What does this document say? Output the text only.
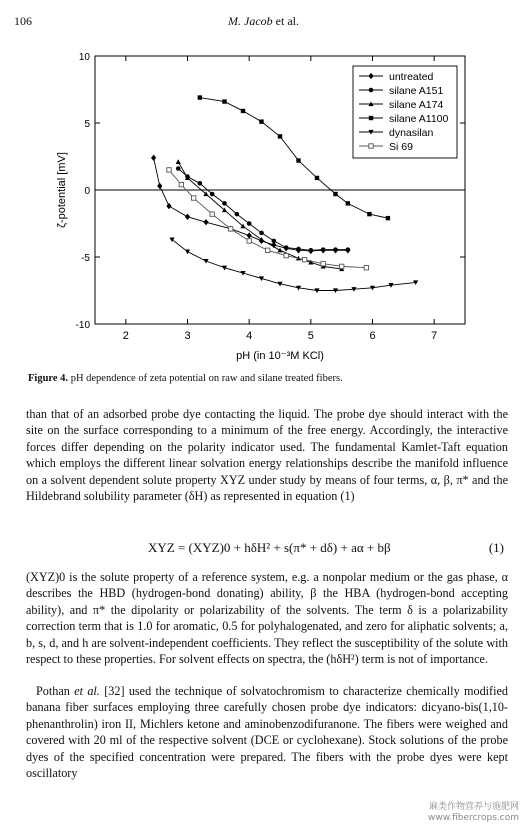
106	M. Jacob et al.
2	3	4	5	6	7
-10
-5
0
5
10
pH (in 10⁻³M KCl)
ζ-potential [mV]
untreated
silane A151
silane A174
silane A1100
dynasilan
Si 69
Figure 4. pH dependence of zeta potential on raw and silane treated fibers.
than that of an adsorbed probe dye contacting the liquid. The probe dye should interact with the site on the surface corresponding to a minimum of the free energy. Accordingly, the interactive forces differ depending on the polarity indicator used. The fundamental Kamlet-Taft equation which employs the different linear solvation energy relationships describe the manifold influence on a solvent dependent solute property XYZ under study by means of four terms, α, β, π* and the Hildebrand solubility parameter (δH) as represented in equation (1)
XYZ = (XYZ)0 + hδH² + s(π* + dδ) + aα + bβ	(1)
(XYZ)0 is the solute property of a reference system, e.g. a nonpolar medium or the gas phase, α describes the HBD (hydrogen-bond donating) ability, β the HBA (hydrogen-bond accepting ability), and π* the dipolarity or polarizability of the solvents. The term δ is a polarizability correction term that is 1.0 for aromatic, 0.5 for polyhalogenated, and zero for aliphatic solvents; a, b, s, d, and h are solvent-independent coefficients. They reflect the susceptibility of the solute with respect to these properties. For solvent effects on spectra, the (hδH²) term is not of importance.
Pothan et al. [32] used the technique of solvatochromism to characterize chemically modified banana fiber surfaces employing three carefully chosen probe dye indicators: dicyano-bis(1,10-phenanthrolin) iron II, Michlers ketone and aminobenzodifuranone. The fibers were weighed and covered with 20 ml of the respective solvent (DCE or cyclohexane). Stock solutions of the probe dyes of the specified concentration were prepared. The fibers with the probe dyes were kept oscillatory
麻类作物营养与施肥网
www.fibercrops.com
